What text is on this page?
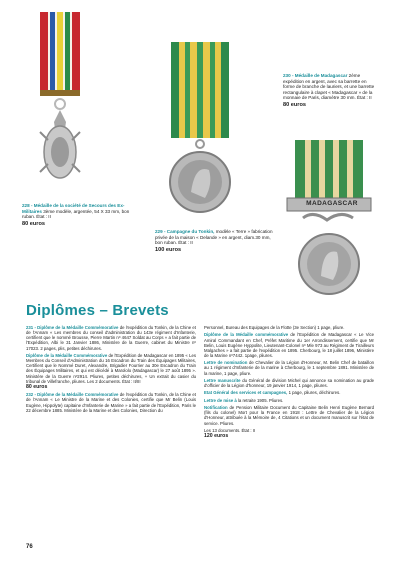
MADAGASCAR
228 - Médaille de la société de Secours des Ex-Militaires 3ème modèle, argentée, 54 X 33 mm, bon ruban. État : II
80 euros
229 - Campagne du Tonkin, modèle « Terre » fabrication privée de la maison « Delande » en argent, diam.30 mm, bon ruban. État : II
100 euros
230 - Médaille de Madagascar 2ème expédition en argent, avec sa barrette en forme de branche de lauriers, et une barrette rectangulaire à clapet « Madagascar » de la monnaie de Paris, diamètre 30 mm. État : II
80 euros
Diplômes – Brevets

231 - Diplôme de la Médaille Commémorative de l'expédition du Tonkin, de la Chine et de l'Annam « Les membres du conseil d'administration du 143e régiment d'Infanterie, certifient que le nommé Brousse, Pierre Martin nº 4647 Soldat au Corps » a fait partie de l'Expédition, Albi le 31 Janvier 1886, Ministère de la Guerre, cabinet du Ministre nº 17023. 2 pages, plis, petites déchirures.

Diplôme de la Médaille Commémorative de l'Expédition de Madagascar en 1895 « Les Membres du Conseil d'Administration du 16 Escadron du Train des Équipages Militaires, Certifient que le Nommé Duret, Alexandre, Brigadier Fourrier au 30e Escadron du Train des Équipages Militaires, et qui est décédé à Marololo (Madagascar) le 27 août 1895 ». Ministère de la Guerre nº2914. Pliures, petites déchirures, + Un extrait du casier du tribunal de Villefranche, pliures. Les 2 documents. État : II/III
80 euros

232 - Diplôme de la Médaille Commémorative de l'expédition du Tonkin, de la Chine et de l'Annam « Le Ministre de la Marine et des Colonies, certifie que Mr Belin (Louis Eugène, Hippolyte) capitaine d'Infanterie de Marine » a fait partie de l'Expédition, Paris le 22 décembre 1885. Ministère de la Marine et des Colonies, Direction du

Personnel, Bureau des Equipages de la Flotte (3e Section) 1 page, pliure.

Diplôme de la Médaille commémorative de l'Expédition de Madagascar « Le Vice Amiral Commandant en Chef, Préfet Maritime du 1er Arrondissement, certifie que Mr Belin, Louis Eugène Hyppolite, Lieutenant-Colonel nº Mle 973 au Régiment de Tirailleurs Malgaches » a fait partie de l'expédition en 1895. Cherbourg, le 18 juillet 1896, Ministère de la Marine nº7442. 1page, pliures.

Lettre de nomination de Chevalier de la Légion d'Honneur, M. Belin Chef de bataillon au 1 régiment d'Infanterie de la marine à Cherbourg, le 1 septembre 1891. Ministère de la marine, 1 page, pliure.

Lettre manuscrite du Général de division Michel qui annonce sa nomination au grade d'officier de la Légion d'honneur, 19 janvier 1914, 1 page, pliures.

Etat Général des services et campagnes, 1 page, pliures, déchirures.

Lettre de mise à la retraite 1905. Pliures.

Notification de Pension Militaire Document du Capitaine Belin Henri Eugène Bernard (fils du colonel) Mort pour la France en 1918 : Lettre de Chevalier de la Légion d'Honneur, attribuée à la Mémoire de, 4 Citations et un document manuscrit sur l'état de service. Pliures.

Les 13 documents. État : II
120 euros

76
